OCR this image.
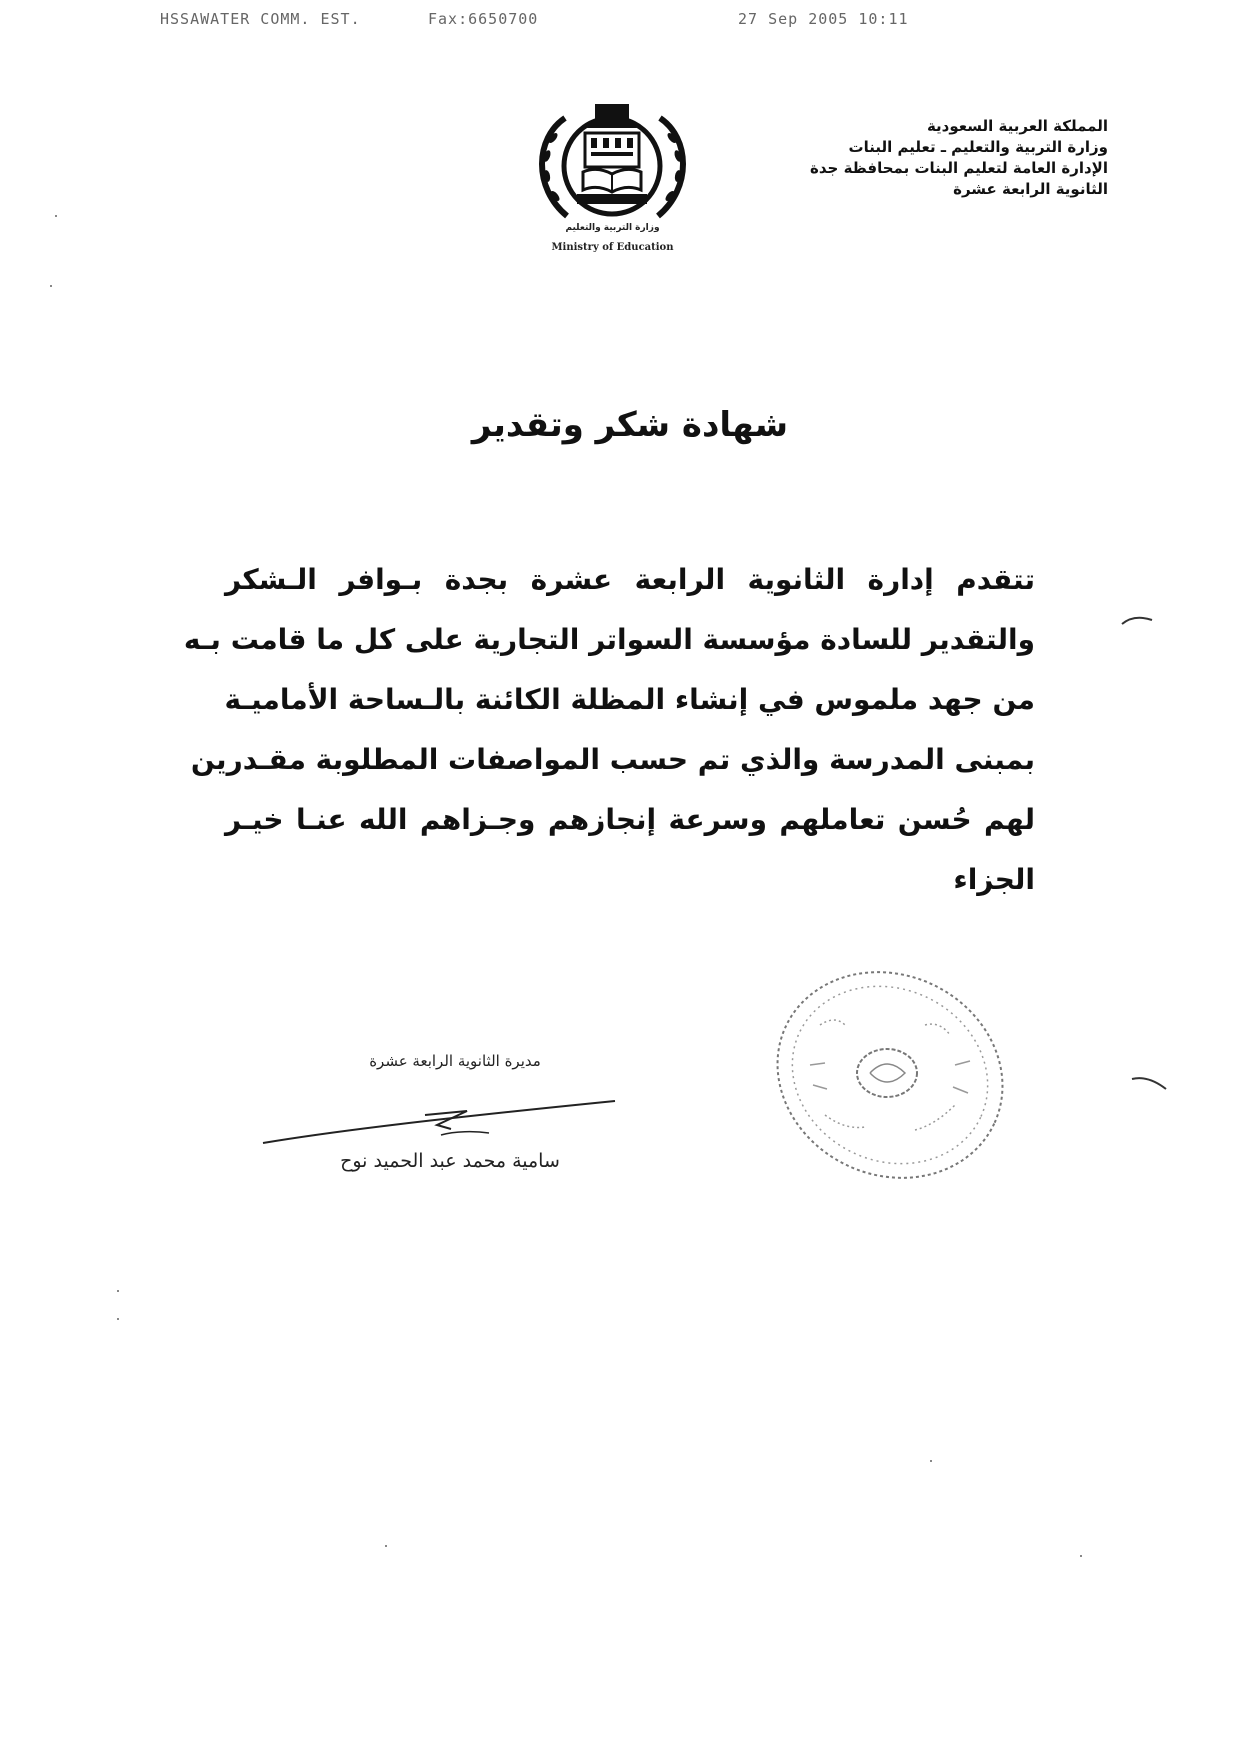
HSSAWATER COMM. EST.	Fax:6650700	27 Sep 2005 10:11
وزارة التربية والتعليم
Ministry of Education
المملكة العربية السعودية
وزارة التربية والتعليم ـ تعليم البنات
الإدارة العامة لتعليم البنات بمحافظة جدة
الثانوية الرابعة عشرة
شهادة شكر وتقدير
تتقدم إدارة الثانوية الرابعة عشرة بجدة بـوافر الـشكر
والتقدير للسادة مؤسسة السواتر التجارية على كل ما قامت بـه
من جهد ملموس في إنشاء المظلة الكائنة بالـساحة الأماميـة
بمبنى المدرسة والذي تم حسب المواصفات المطلوبة مقـدرين
لهم حُسن تعاملهم وسرعة إنجازهم وجـزاهم الله عنـا خيـر
الجزاء
مديرة الثانوية الرابعة عشرة
سامية محمد عبد الحميد نوح
